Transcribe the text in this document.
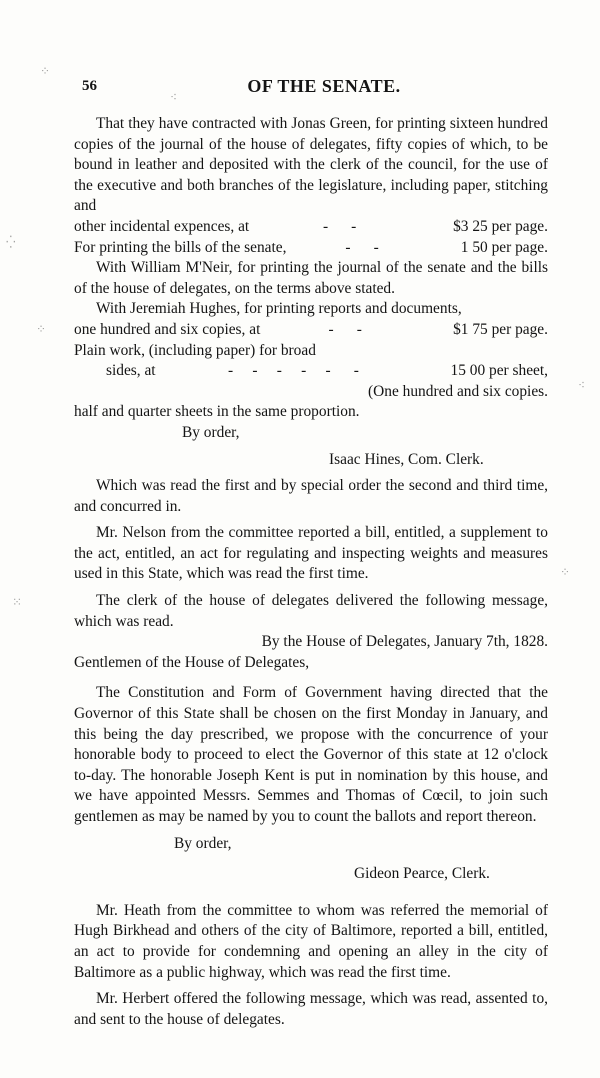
⁘
⁖
⁛
⁘
⁙
⁖
⁘
56	OF THE SENATE.

That they have contracted with Jonas Green, for printing sixteen hundred copies of the journal of the house of delegates, fifty copies of which, to be bound in leather and deposited with the clerk of the council, for the use of the executive and both branches of the legislature, including paper, stitching and

other incidental expences, at	-      -	$3 25 per page.
For printing the bills of the senate,	-      -	1 50 per page.

With William M'Neir, for printing the journal of the senate and the bills of the house of delegates, on the terms above stated.

With Jeremiah Hughes, for printing reports and documents,

one hundred and six copies, at	-      -	$1 75 per page.

Plain work, (including paper) for broad

sides, at	-     -     -     -     -      -	15 00 per sheet,

(One hundred and six copies.

half and quarter sheets in the same proportion.

By order,

Isaac Hines, Com. Clerk.

Which was read the first and by special order the second and third time, and concurred in.

Mr. Nelson from the committee reported a bill, entitled, a supplement to the act, entitled, an act for regulating and inspecting weights and measures used in this State, which was read the first time.

The clerk of the house of delegates delivered the following message, which was read.

By the House of Delegates, January 7th, 1828.

Gentlemen of the House of Delegates,

The Constitution and Form of Government having directed that the Governor of this State shall be chosen on the first Monday in January, and this being the day prescribed, we propose with the concurrence of your honorable body to proceed to elect the Governor of this state at 12 o'clock to-day. The honorable Joseph Kent is put in nomination by this house, and we have appointed Messrs. Semmes and Thomas of Cœcil, to join such gentlemen as may be named by you to count the ballots and report thereon.

By order,

Gideon Pearce, Clerk.

Mr. Heath from the committee to whom was referred the memorial of Hugh Birkhead and others of the city of Baltimore, reported a bill, entitled, an act to provide for condemning and opening an alley in the city of Baltimore as a public highway, which was read the first time.

Mr. Herbert offered the following message, which was read, assented to, and sent to the house of delegates.
